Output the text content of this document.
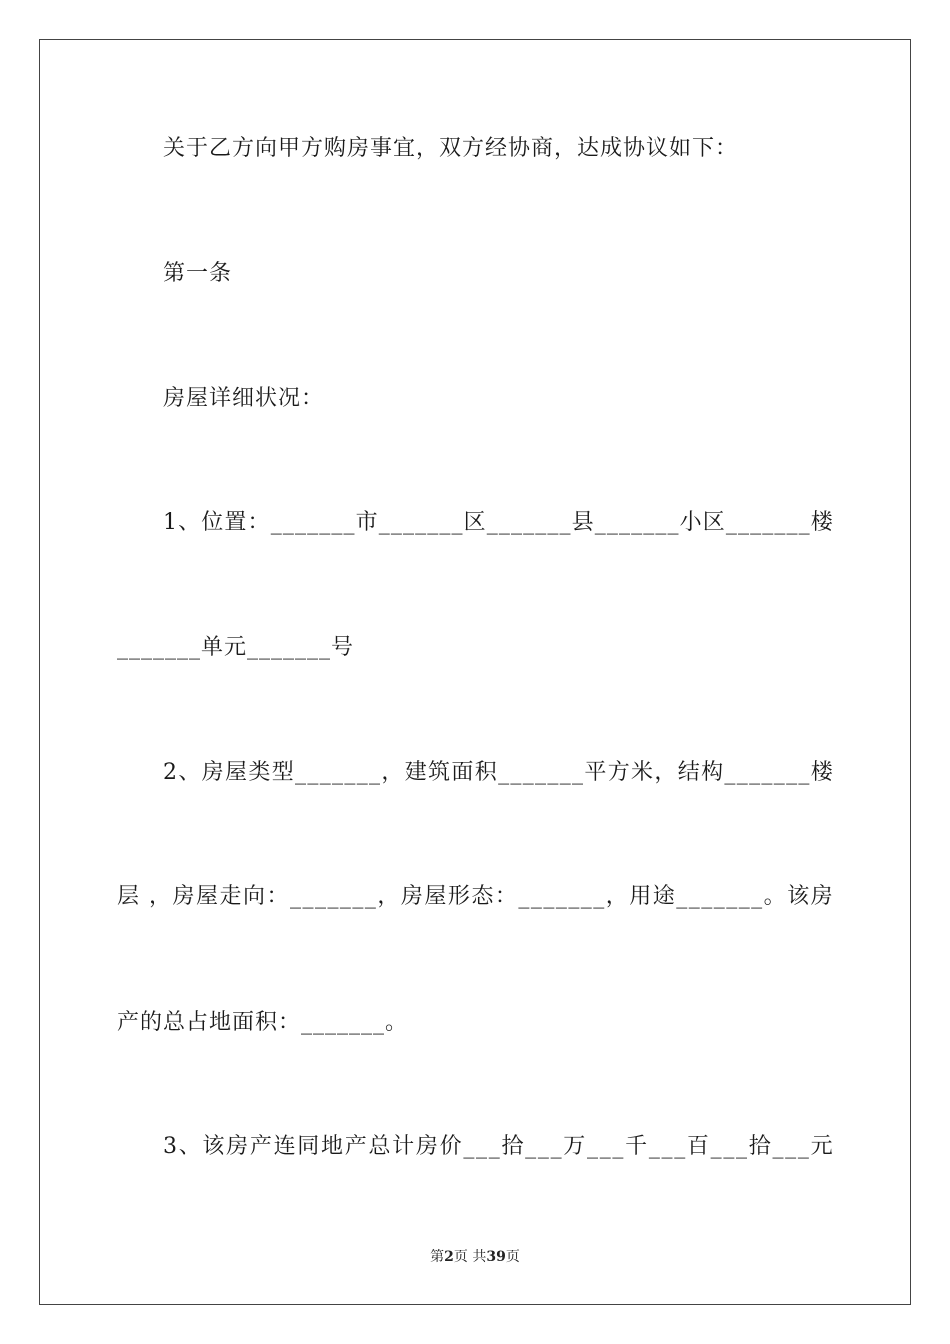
关于乙方向甲方购房事宜，双方经协商，达成协议如下：
第一条
房屋详细状况：
1 、 位 置 ： _ _ _ _ _ _ _ 市 _ _ _ _ _ _ _ 区 _ _ _ _ _ _ _ 县 _ _ _ _ _ _ _ 小 区 _ _ _ _ _ _ _ 楼
_______单元_______号
2 、 房 屋 类 型 _ _ _ _ _ _ _ ， 建 筑 面 积 _ _ _ _ _ _ _ 平 方 米 ， 结 构 _ _ _ _ _ _ _ 楼
层
， 房 屋 走 向 ： _ _ _ _ _ _ _ ， 房 屋 形 态 ： _ _ _ _ _ _ _ ， 用 途 _ _ _ _ _ _ _ 。 该 房
产的总占地面积：_______。
3 、 该 房 产 连 同 地 产 总 计 房 价 _ _ _ 拾 _ _ _ 万 _ _ _ 千 _ _ _ 百 _ _ _ 拾 _ _ _ 元
第2页 共39页
